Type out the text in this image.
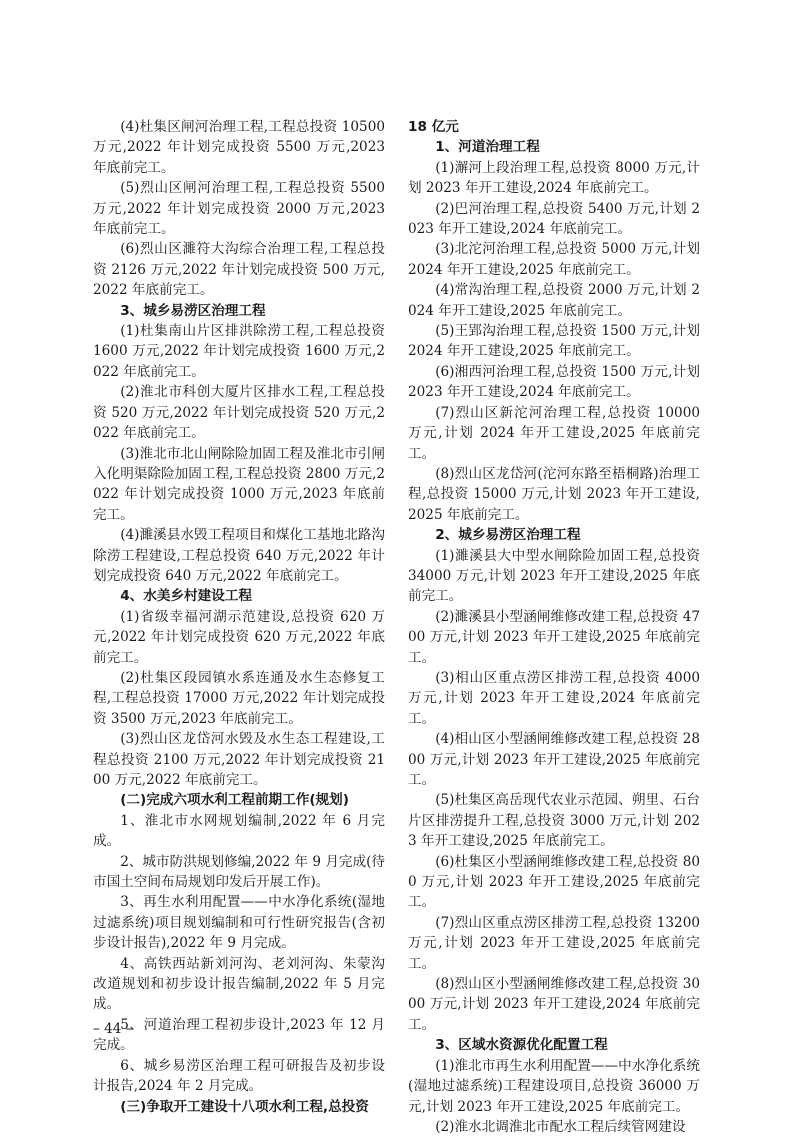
(4)杜集区闸河治理工程,工程总投资 10500 万元,2022 年计划完成投资 5500 万元,2023 年底前完工。

(5)烈山区闸河治理工程,工程总投资 5500 万元,2022 年计划完成投资 2000 万元,2023 年底前完工。

(6)烈山区濉符大沟综合治理工程,工程总投资 2126 万元,2022 年计划完成投资 500 万元,2022 年底前完工。

3、城乡易涝区治理工程

(1)杜集南山片区排洪除涝工程,工程总投资 1600 万元,2022 年计划完成投资 1600 万元,2022 年底前完工。

(2)淮北市科创大厦片区排水工程,工程总投资 520 万元,2022 年计划完成投资 520 万元,2022 年底前完工。

(3)淮北市北山闸除险加固工程及淮北市引闸入化明渠除险加固工程,工程总投资 2800 万元,2022 年计划完成投资 1000 万元,2023 年底前完工。

(4)濉溪县水毁工程项目和煤化工基地北路沟除涝工程建设,工程总投资 640 万元,2022 年计划完成投资 640 万元,2022 年底前完工。

4、水美乡村建设工程

(1)省级幸福河湖示范建设,总投资 620 万元,2022 年计划完成投资 620 万元,2022 年底前完工。

(2)杜集区段园镇水系连通及水生态修复工程,工程总投资 17000 万元,2022 年计划完成投资 3500 万元,2023 年底前完工。

(3)烈山区龙岱河水毁及水生态工程建设,工程总投资 2100 万元,2022 年计划完成投资 2100 万元,2022 年底前完工。

(二)完成六项水利工程前期工作(规划)

1、淮北市水网规划编制,2022 年 6 月完成。

2、城市防洪规划修编,2022 年 9 月完成(待市国土空间布局规划印发后开展工作)。

3、再生水利用配置——中水净化系统(湿地过滤系统)项目规划编制和可行性研究报告(含初步设计报告),2022 年 9 月完成。

4、高铁西站新刘河沟、老刘河沟、朱蒙沟改道规划和初步设计报告编制,2022 年 5 月完成。

5、河道治理工程初步设计,2023 年 12 月完成。

6、城乡易涝区治理工程可研报告及初步设计报告,2024 年 2 月完成。

(三)争取开工建设十八项水利工程,总投资

18 亿元

1、河道治理工程

(1)澥河上段治理工程,总投资 8000 万元,计划 2023 年开工建设,2024 年底前完工。

(2)巴河治理工程,总投资 5400 万元,计划 2023 年开工建设,2024 年底前完工。

(3)北沱河治理工程,总投资 5000 万元,计划 2024 年开工建设,2025 年底前完工。

(4)常沟治理工程,总投资 2000 万元,计划 2024 年开工建设,2025 年底前完工。

(5)王郢沟治理工程,总投资 1500 万元,计划 2024 年开工建设,2025 年底前完工。

(6)湘西河治理工程,总投资 1500 万元,计划 2023 年开工建设,2024 年底前完工。

(7)烈山区新沱河治理工程,总投资 10000 万元,计划 2024 年开工建设,2025 年底前完工。

(8)烈山区龙岱河(沱河东路至梧桐路)治理工程,总投资 15000 万元,计划 2023 年开工建设,2025 年底前完工。

2、城乡易涝区治理工程

(1)濉溪县大中型水闸除险加固工程,总投资 34000 万元,计划 2023 年开工建设,2025 年底前完工。

(2)濉溪县小型涵闸维修改建工程,总投资 4700 万元,计划 2023 年开工建设,2025 年底前完工。

(3)相山区重点涝区排涝工程,总投资 4000 万元,计划 2023 年开工建设,2024 年底前完工。

(4)相山区小型涵闸维修改建工程,总投资 2800 万元,计划 2023 年开工建设,2025 年底前完工。

(5)杜集区高岳现代农业示范园、朔里、石台片区排涝提升工程,总投资 3000 万元,计划 2023 年开工建设,2025 年底前完工。

(6)杜集区小型涵闸维修改建工程,总投资 800 万元,计划 2023 年开工建设,2025 年底前完工。

(7)烈山区重点涝区排涝工程,总投资 13200 万元,计划 2023 年开工建设,2025 年底前完工。

(8)烈山区小型涵闸维修改建工程,总投资 3000 万元,计划 2023 年开工建设,2024 年底前完工。

3、区域水资源优化配置工程

(1)淮北市再生水利用配置——中水净化系统(湿地过滤系统)工程建设项目,总投资 36000 万元,计划 2023 年开工建设,2025 年底前完工。

(2)淮水北调淮北市配水工程后续管网建设

– 44 –
